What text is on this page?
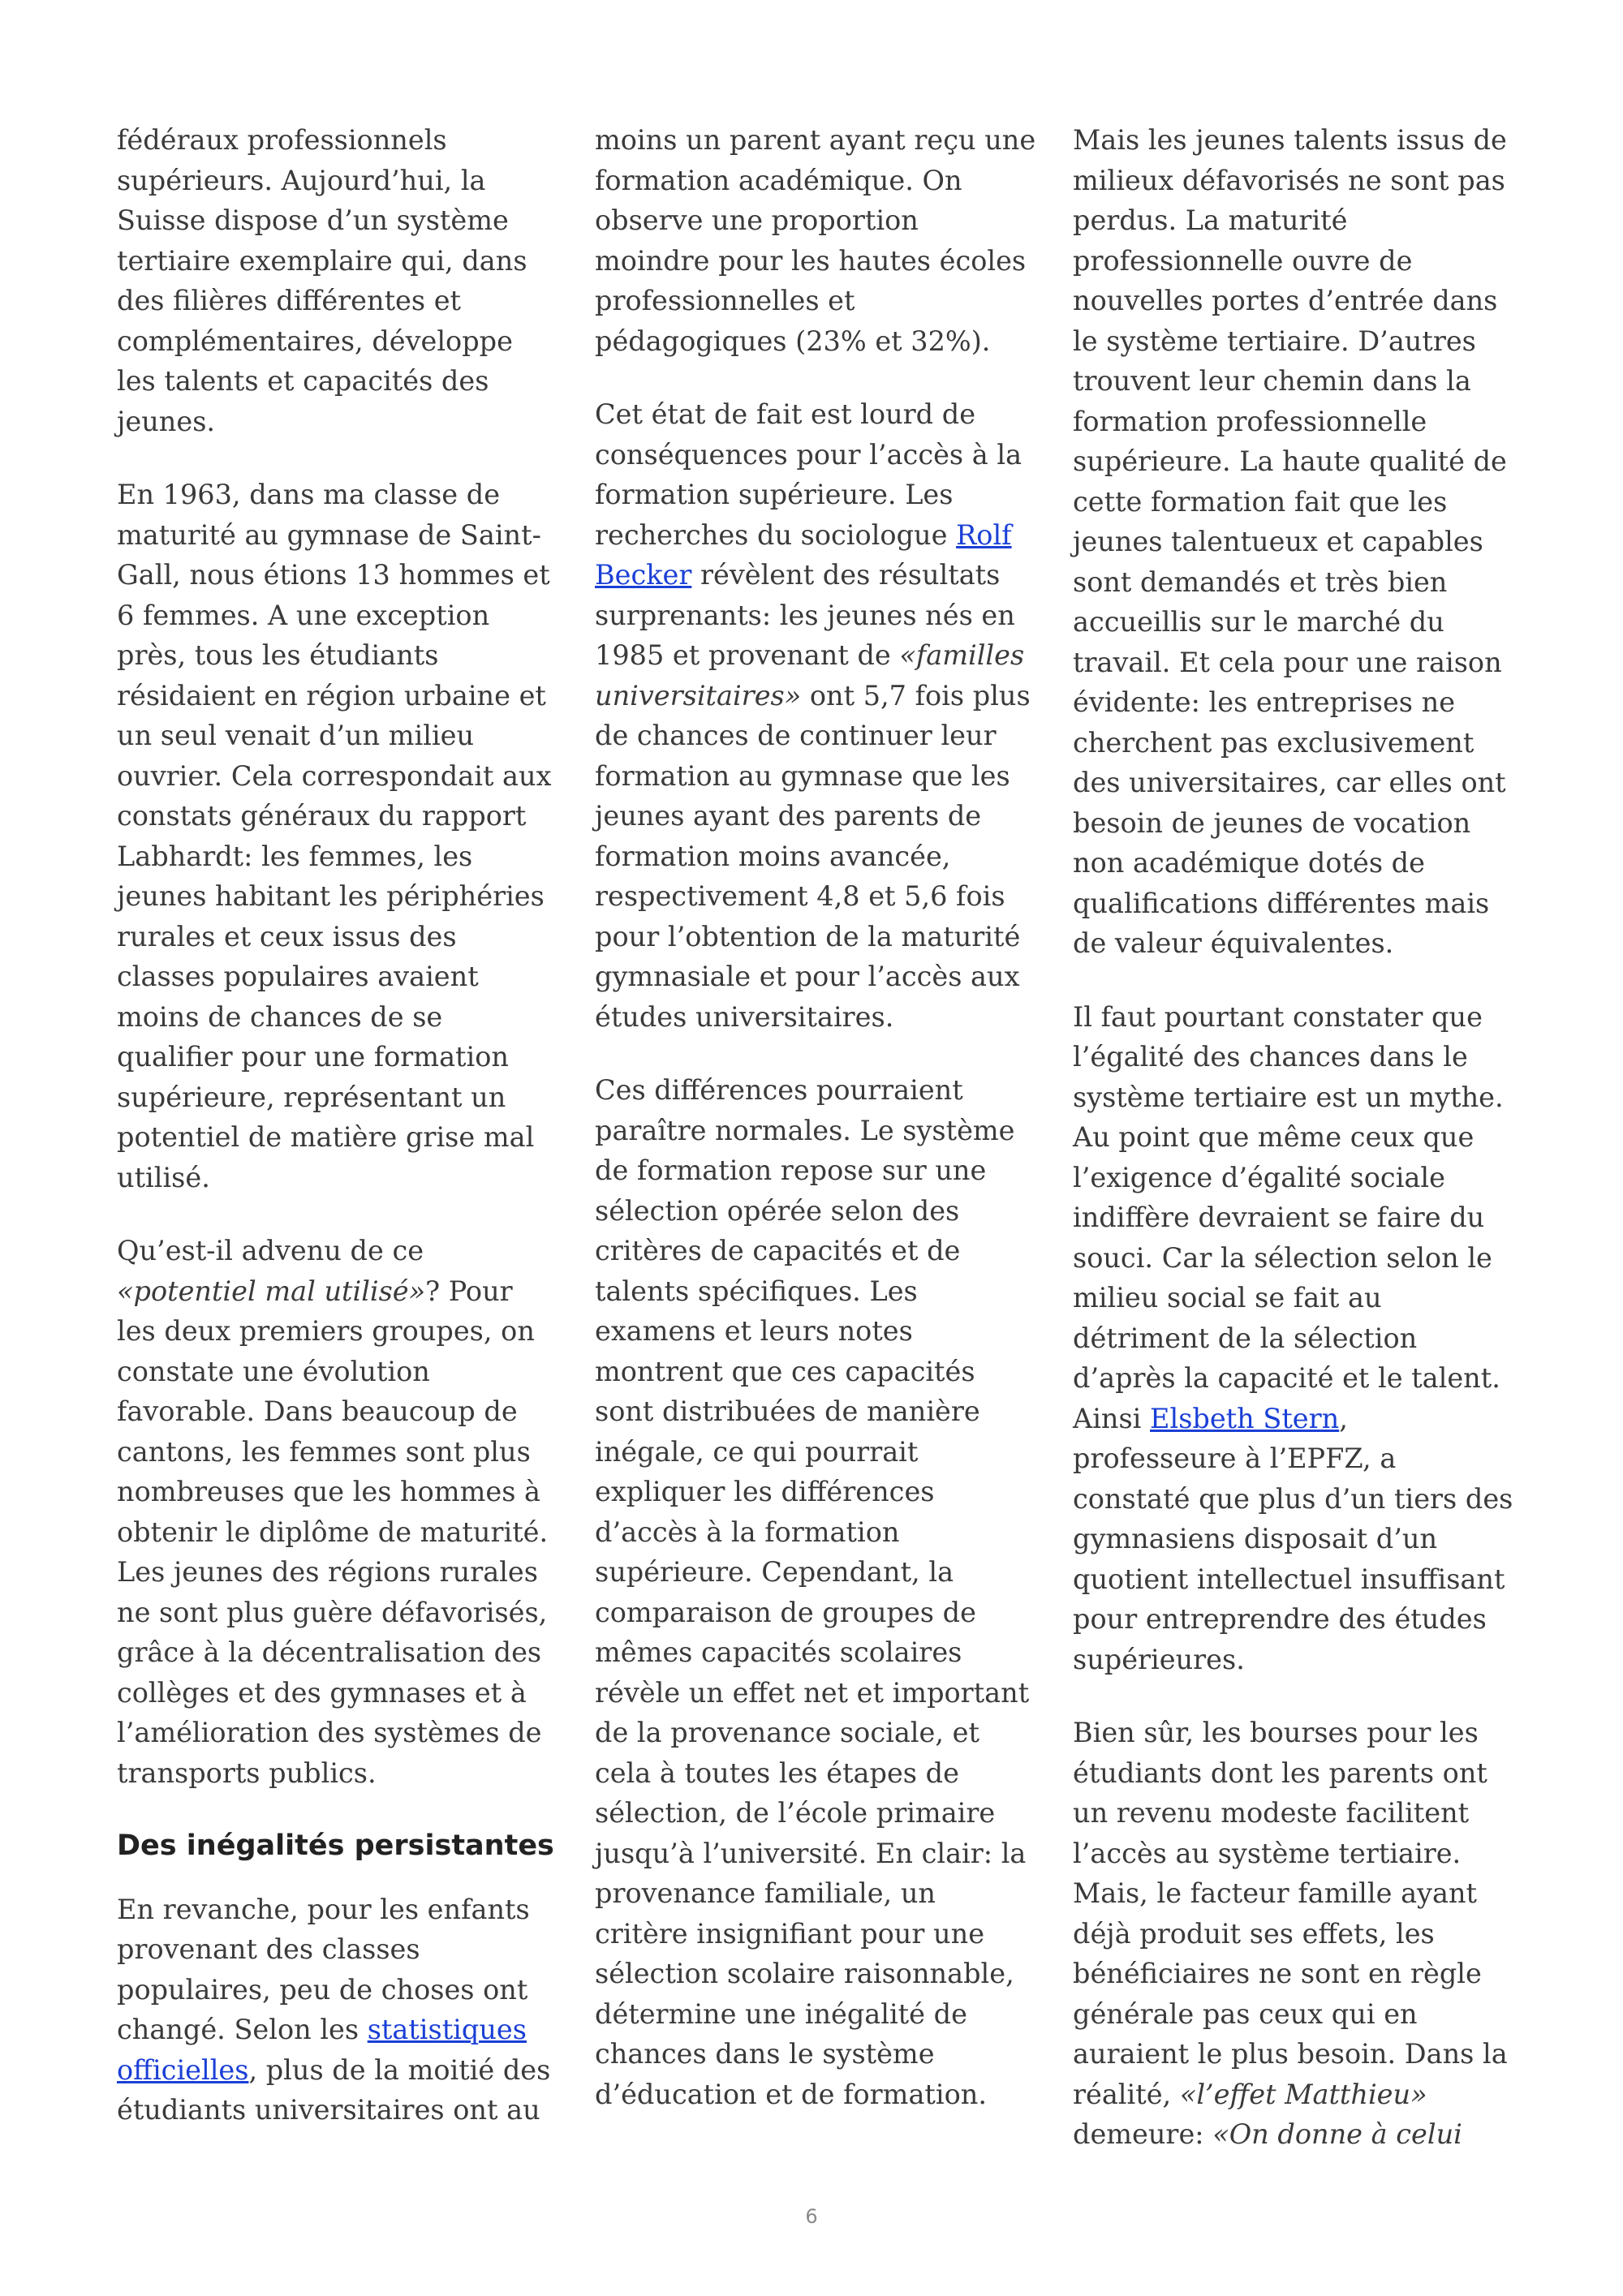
fédéraux professionnels supérieurs. Aujourd’hui, la Suisse dispose d’un système tertiaire exemplaire qui, dans des filières différentes et complémentaires, développe les talents et capacités des jeunes.

En 1963, dans ma classe de maturité au gymnase de Saint-Gall, nous étions 13 hommes et 6 femmes. A une exception près, tous les étudiants résidaient en région urbaine et un seul venait d’un milieu ouvrier. Cela correspondait aux constats généraux du rapport Labhardt: les femmes, les jeunes habitant les périphéries rurales et ceux issus des classes populaires avaient moins de chances de se qualifier pour une formation supérieure, représentant un potentiel de matière grise mal utilisé.

Qu’est-il advenu de ce «potentiel mal utilisé»? Pour les deux premiers groupes, on constate une évolution favorable. Dans beaucoup de cantons, les femmes sont plus nombreuses que les hommes à obtenir le diplôme de maturité. Les jeunes des régions rurales ne sont plus guère défavorisés, grâce à la décentralisation des collèges et des gymnases et à l’amélioration des systèmes de transports publics.

Des inégalités persistantes

En revanche, pour les enfants provenant des classes populaires, peu de choses ont changé. Selon les statistiques officielles, plus de la moitié des étudiants universitaires ont au

moins un parent ayant reçu une formation académique. On observe une proportion moindre pour les hautes écoles professionnelles et pédagogiques (23% et 32%).

Cet état de fait est lourd de conséquences pour l’accès à la formation supérieure. Les recherches du sociologue Rolf Becker révèlent des résultats surprenants: les jeunes nés en 1985 et provenant de «familles universitaires» ont 5,7 fois plus de chances de continuer leur formation au gymnase que les jeunes ayant des parents de formation moins avancée, respectivement 4,8 et 5,6 fois pour l’obtention de la maturité gymnasiale et pour l’accès aux études universitaires.

Ces différences pourraient paraître normales. Le système de formation repose sur une sélection opérée selon des critères de capacités et de talents spécifiques. Les examens et leurs notes montrent que ces capacités sont distribuées de manière inégale, ce qui pourrait expliquer les différences d’accès à la formation supérieure. Cependant, la comparaison de groupes de mêmes capacités scolaires révèle un effet net et important de la provenance sociale, et cela à toutes les étapes de sélection, de l’école primaire jusqu’à l’université. En clair: la provenance familiale, un critère insignifiant pour une sélection scolaire raisonnable, détermine une inégalité de chances dans le système d’éducation et de formation.

Mais les jeunes talents issus de milieux défavorisés ne sont pas perdus. La maturité professionnelle ouvre de nouvelles portes d’entrée dans le système tertiaire. D’autres trouvent leur chemin dans la formation professionnelle supérieure. La haute qualité de cette formation fait que les jeunes talentueux et capables sont demandés et très bien accueillis sur le marché du travail. Et cela pour une raison évidente: les entreprises ne cherchent pas exclusivement des universitaires, car elles ont besoin de jeunes de vocation non académique dotés de qualifications différentes mais de valeur équivalentes.

Il faut pourtant constater que l’égalité des chances dans le système tertiaire est un mythe. Au point que même ceux que l’exigence d’égalité sociale indiffère devraient se faire du souci. Car la sélection selon le milieu social se fait au détriment de la sélection d’après la capacité et le talent. Ainsi Elsbeth Stern, professeure à l’EPFZ, a constaté que plus d’un tiers des gymnasiens disposait d’un quotient intellectuel insuffisant pour entreprendre des études supérieures.

Bien sûr, les bourses pour les étudiants dont les parents ont un revenu modeste facilitent l’accès au système tertiaire. Mais, le facteur famille ayant déjà produit ses effets, les bénéficiaires ne sont en règle générale pas ceux qui en auraient le plus besoin. Dans la réalité, «l’effet Matthieu» demeure: «On donne à celui

6
